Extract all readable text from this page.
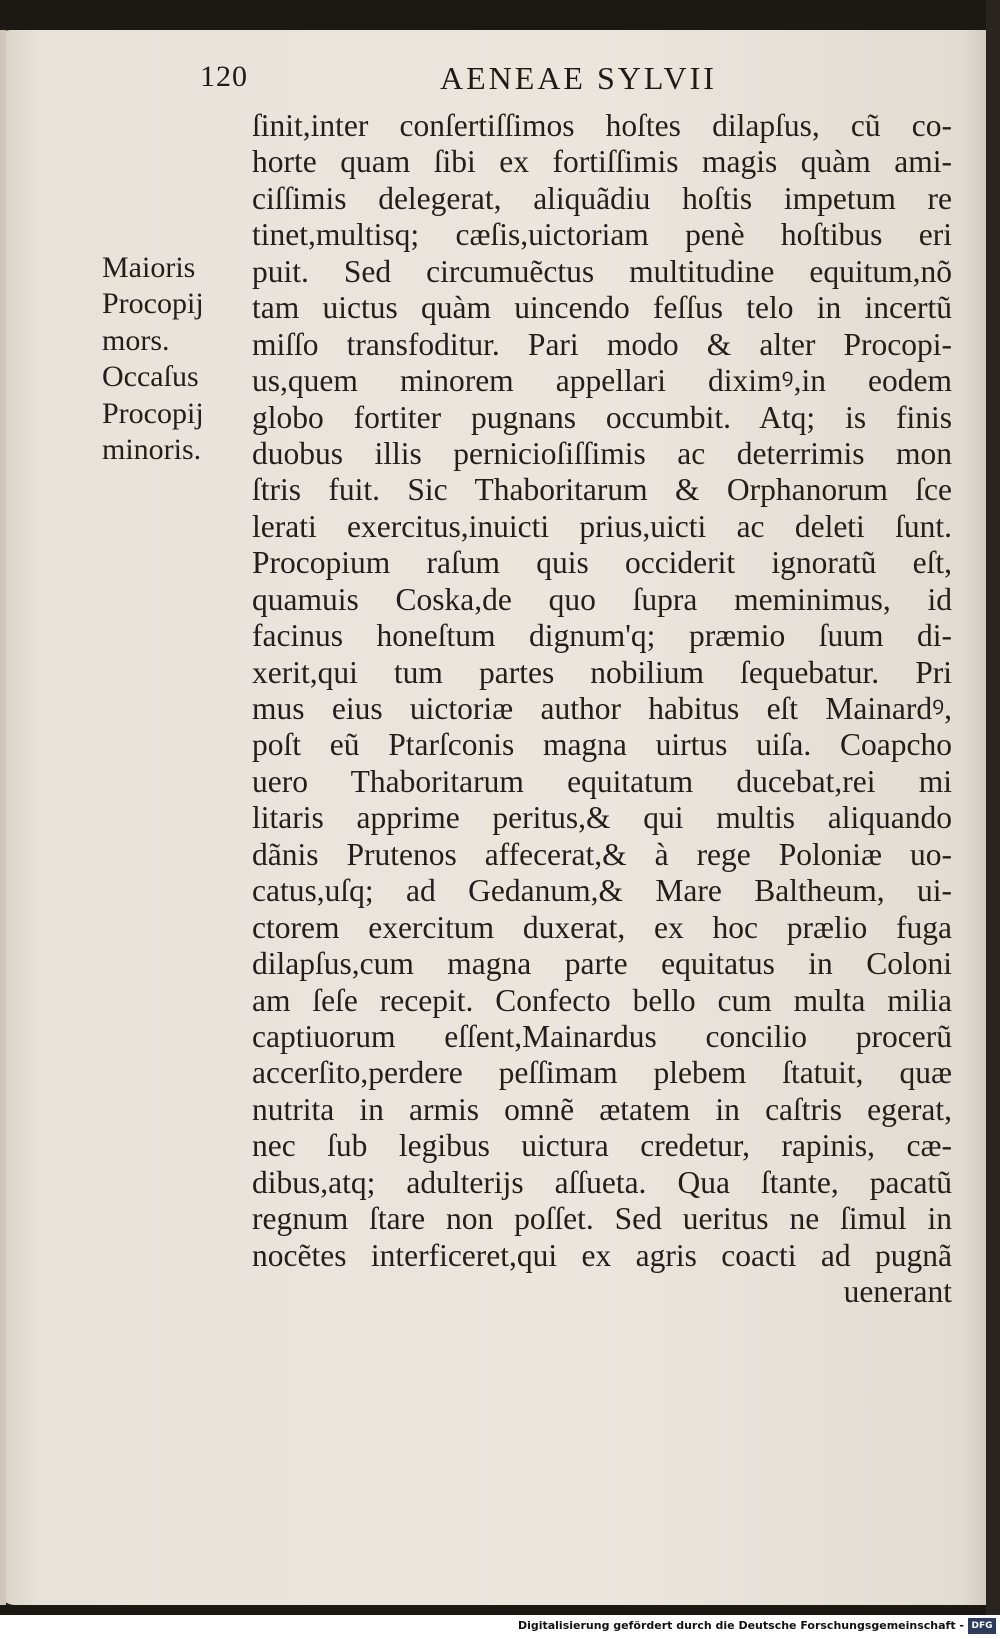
120	AENEAE SYLVII
Maioris
Procopij
mors.
Occaſus
Procopij
minoris.
ſinit,inter conſertiſſimos hoſtes dilapſus, cũ co-
horte quam ſibi ex fortiſſimis magis quàm ami-
ciſſimis delegerat, aliquãdiu hoſtis impetum re
tinet,multisq; cæſis,uictoriam penè hoſtibus eri
puit. Sed circumuẽctus multitudine equitum,nõ
tam uictus quàm uincendo feſſus telo in incertũ
miſſo transfoditur. Pari modo & alter Procopi-
us,quem minorem appellari diximꝰ,in eodem
globo fortiter pugnans occumbit. Atq; is finis
duobus illis pernicioſiſſimis ac deterrimis mon
ſtris fuit. Sic Thaboritarum & Orphanorum ſce
lerati exercitus,inuicti prius,uicti ac deleti ſunt.
Procopium raſum quis occiderit ignoratũ eſt,
quamuis Coska,de quo ſupra meminimus, id
facinus honeſtum dignum'q; præmio ſuum di-
xerit,qui tum partes nobilium ſequebatur. Pri
mus eius uictoriæ author habitus eſt Mainardꝰ,
poſt eũ Ptarſconis magna uirtus uiſa. Coapcho
uero Thaboritarum equitatum ducebat,rei mi
litaris apprime peritus,& qui multis aliquando
dãnis Prutenos affecerat,& à rege Poloniæ uo-
catus,uſq; ad Gedanum,& Mare Baltheum, ui-
ctorem exercitum duxerat, ex hoc prælio fuga
dilapſus,cum magna parte equitatus in Coloni
am ſeſe recepit. Confecto bello cum multa milia
captiuorum eſſent,Mainardus concilio procerũ
accerſito,perdere peſſimam plebem ſtatuit, quæ
nutrita in armis omnẽ ætatem in caſtris egerat,
nec ſub legibus uictura credetur, rapinis, cæ-
dibus,atq; adulterijs aſſueta. Qua ſtante, pacatũ
regnum ſtare non poſſet. Sed ueritus ne ſimul in
nocẽtes interficeret,qui ex agris coacti ad pugnã
uenerant
Digitalisierung gefördert durch die Deutsche Forschungsgemeinschaft - DFG
